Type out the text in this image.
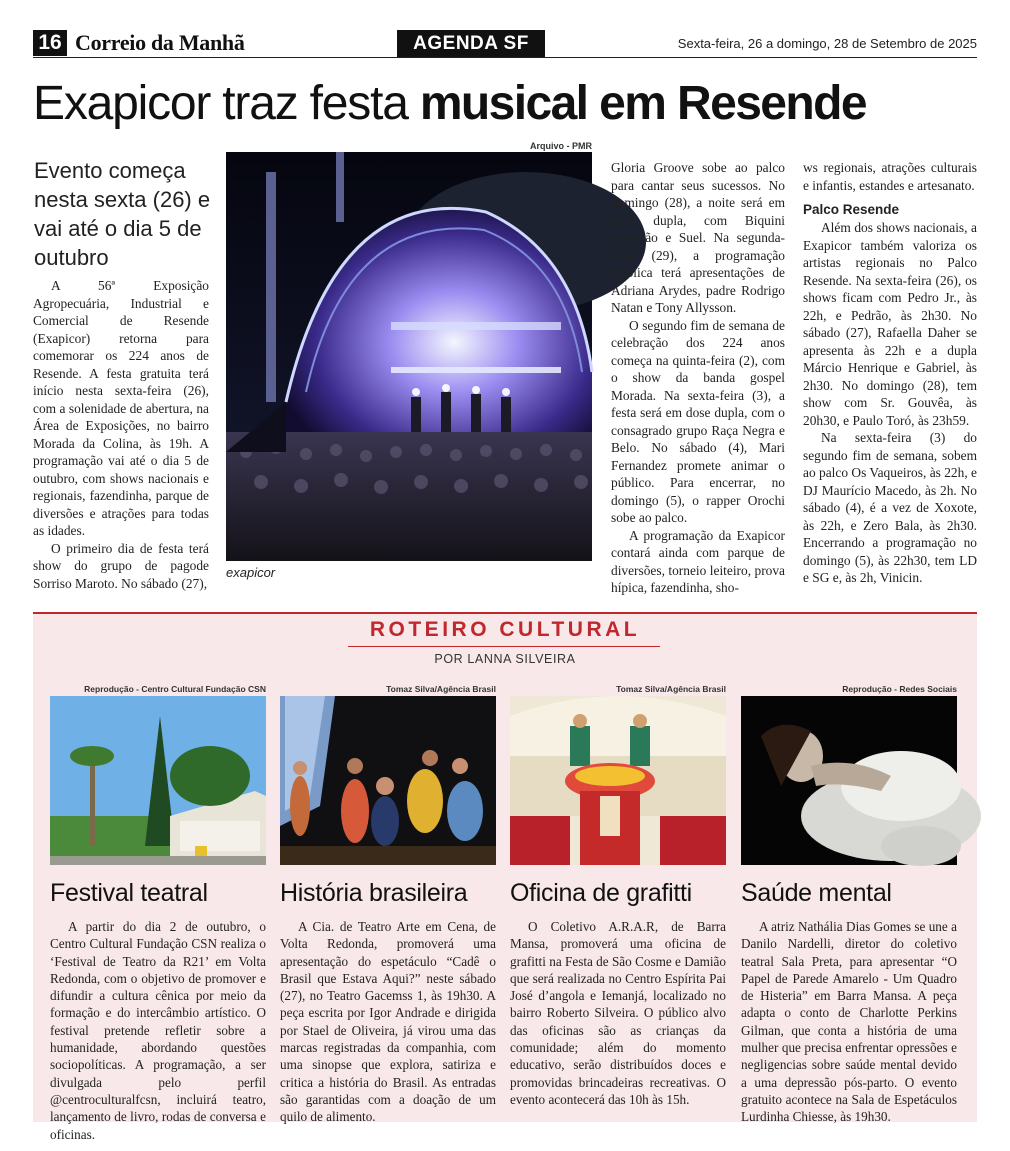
16 Correio da Manhã	AGENDA SF	Sexta-feira, 26 a domingo, 28 de Setembro de 2025
Exapicor traz festa musical em Resende
Evento começa nesta sexta (26) e vai até o dia 5 de outubro

A 56ª Exposição Agropecuária, Industrial e Comercial de Resende (Exapicor) retorna para comemorar os 224 anos de Resende. A festa gratuita terá início nesta sexta-feira (26), com a solenidade de abertura, na Área de Exposições, no bairro Morada da Colina, às 19h. A programação vai até o dia 5 de outubro, com shows nacionais e regionais, fazendinha, parque de diversões e atrações para todas as idades.

O primeiro dia de festa terá show do grupo de pagode Sorriso Maroto. No sábado (27),

Arquivo - PMR
exapicor

Gloria Groove sobe ao palco para cantar seus sucessos. No domingo (28), a noite será em dose dupla, com Biquini Cavadão e Suel. Na segunda-feira (29), a programação católica terá apresentações de Adriana Arydes, padre Rodrigo Natan e Tony Allysson.

O segundo fim de semana de celebração dos 224 anos começa na quinta-feira (2), com o show da banda gospel Morada. Na sexta-feira (3), a festa será em dose dupla, com o consagrado grupo Raça Negra e Belo. No sábado (4), Mari Fernandez promete animar o público. Para encerrar, no domingo (5), o rapper Orochi sobe ao palco.

A programação da Exapicor contará ainda com parque de diversões, torneio leiteiro, prova hípica, fazendinha, sho-

ws regionais, atrações culturais e infantis, estandes e artesanato.

Palco Resende

Além dos shows nacionais, a Exapicor também valoriza os artistas regionais no Palco Resende. Na sexta-feira (26), os shows ficam com Pedro Jr., às 22h, e Pedrão, às 2h30. No sábado (27), Rafaella Daher se apresenta às 22h e a dupla Márcio Henrique e Gabriel, às 2h30. No domingo (28), tem show com Sr. Gouvêa, às 20h30, e Paulo Toró, às 23h59.

Na sexta-feira (3) do segundo fim de semana, sobem ao palco Os Vaqueiros, às 22h, e DJ Maurício Macedo, às 2h. No sábado (4), é a vez de Xoxote, às 22h, e Zero Bala, às 2h30. Encerrando a programação no domingo (5), às 22h30, tem LD e SG e, às 2h, Vinicin.

ROTEIRO CULTURAL
POR LANNA SILVEIRA
Reprodução - Centro Cultural Fundação CSN
Festival teatral
A partir do dia 2 de outubro, o Centro Cultural Fundação CSN realiza o ‘Festival de Teatro da R21’ em Volta Redonda, com o objetivo de promover e difundir a cultura cênica por meio da formação e do intercâmbio artístico. O festival pretende refletir sobre a humanidade, abordando questões sociopolíticas. A programação, a ser divulgada pelo perfil @centroculturalfcsn, incluirá teatro, lançamento de livro, rodas de conversa e oficinas.
Tomaz Silva/Agência Brasil
História brasileira
A Cia. de Teatro Arte em Cena, de Volta Redonda, promoverá uma apresentação do espetáculo “Cadê o Brasil que Estava Aqui?” neste sábado (27), no Teatro Gacemss 1, às 19h30. A peça escrita por Igor Andrade e dirigida por Stael de Oliveira, já virou uma das marcas registradas da companhia, com uma sinopse que explora, satiriza e critica a história do Brasil. As entradas são garantidas com a doação de um quilo de alimento.
Tomaz Silva/Agência Brasil
Oficina de grafitti
O Coletivo A.R.A.R, de Barra Mansa, promoverá uma oficina de grafitti na Festa de São Cosme e Damião que será realizada no Centro Espírita Pai José d’angola e Iemanjá, localizado no bairro Roberto Silveira. O público alvo das oficinas são as crianças da comunidade; além do momento educativo, serão distribuídos doces e promovidas brincadeiras recreativas. O evento acontecerá das 10h às 15h.
Reprodução - Redes Sociais
Saúde mental
A atriz Nathália Dias Gomes se une a Danilo Nardelli, diretor do coletivo teatral Sala Preta, para apresentar “O Papel de Parede Amarelo - Um Quadro de Histeria” em Barra Mansa. A peça adapta o conto de Charlotte Perkins Gilman, que conta a história de uma mulher que precisa enfrentar opressões e negligencias sobre saúde mental devido a uma depressão pós-parto. O evento gratuito acontece na Sala de Espetáculos Lurdinha Chiesse, às 19h30.
